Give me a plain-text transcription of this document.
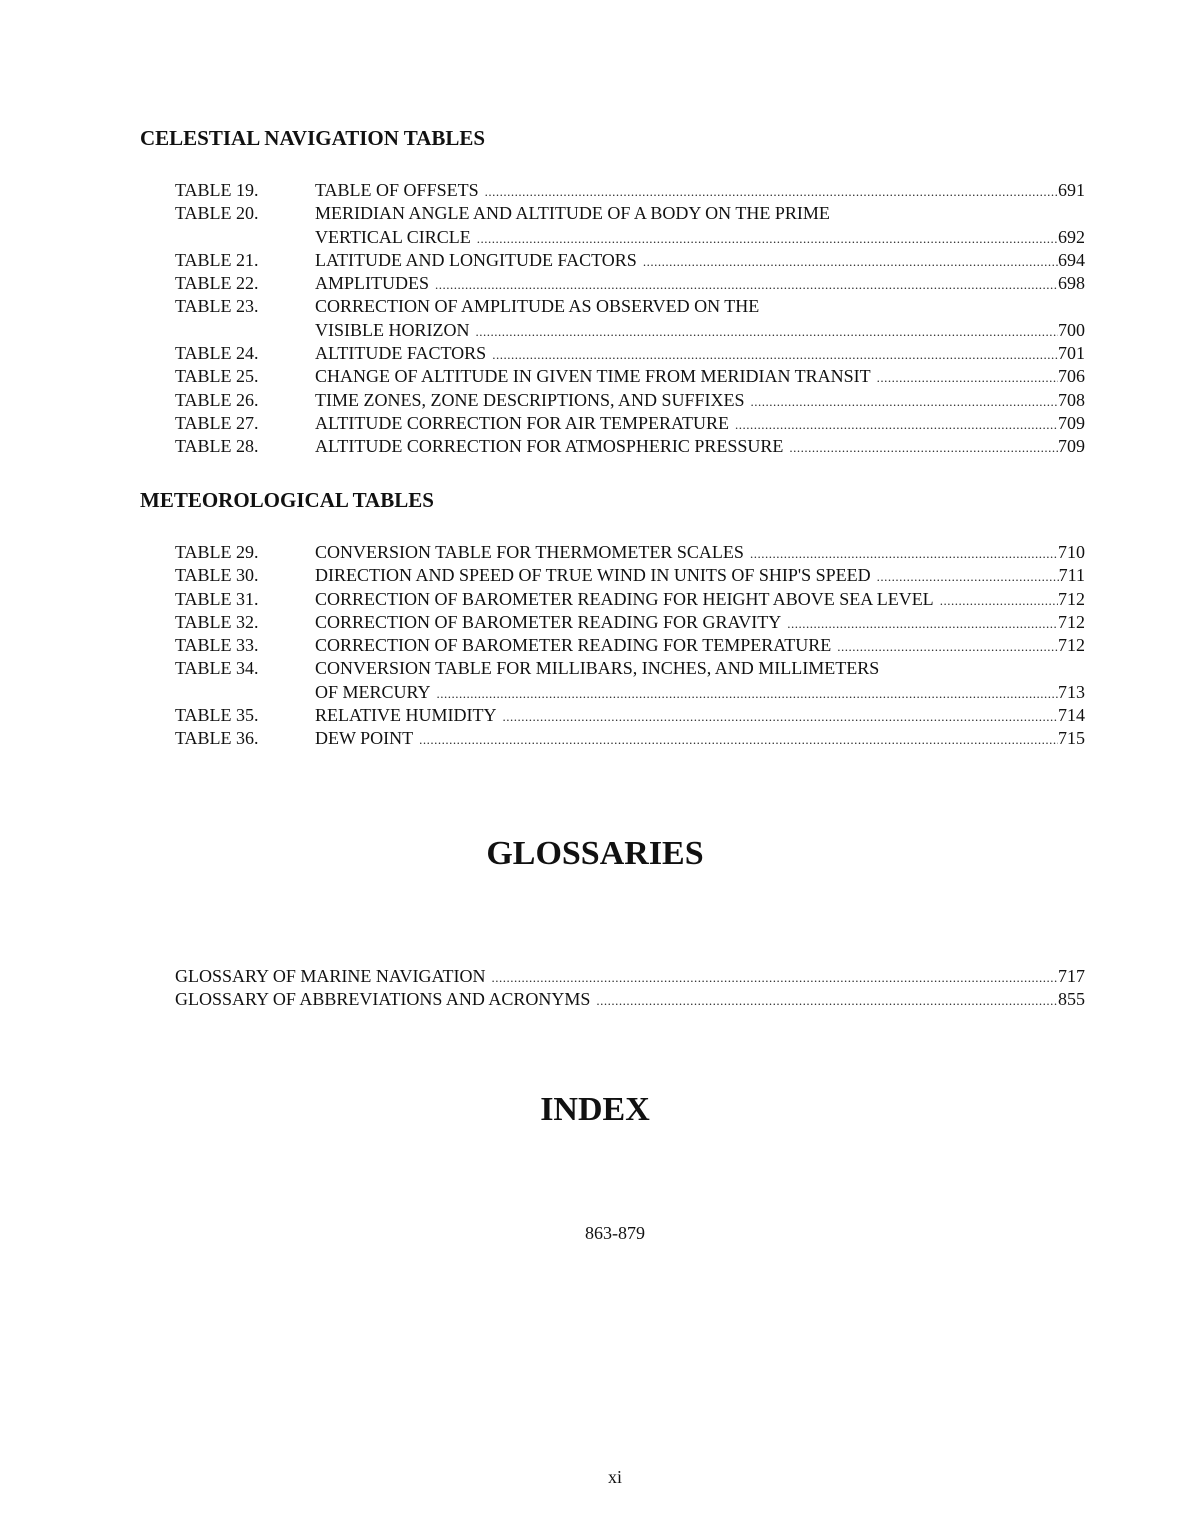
CELESTIAL NAVIGATION TABLES
TABLE 19.	TABLE OF OFFSETS .....	691
TABLE 20.	MERIDIAN ANGLE AND ALTITUDE OF A BODY ON THE PRIME
VERTICAL CIRCLE .....	692
TABLE 21.	LATITUDE AND LONGITUDE FACTORS .....	694
TABLE 22.	AMPLITUDES .....	698
TABLE 23.	CORRECTION OF AMPLITUDE AS OBSERVED ON THE
VISIBLE HORIZON .....	700
TABLE 24.	ALTITUDE FACTORS .....	701
TABLE 25.	CHANGE OF ALTITUDE IN GIVEN TIME FROM MERIDIAN TRANSIT .....	706
TABLE 26.	TIME ZONES, ZONE DESCRIPTIONS, AND SUFFIXES .....	708
TABLE 27.	ALTITUDE CORRECTION FOR AIR TEMPERATURE .....	709
TABLE 28.	ALTITUDE CORRECTION FOR ATMOSPHERIC PRESSURE .....	709
METEOROLOGICAL TABLES
TABLE 29.	CONVERSION TABLE FOR THERMOMETER SCALES .....	710
TABLE 30.	DIRECTION AND SPEED OF TRUE WIND IN UNITS OF SHIP'S SPEED .....	711
TABLE 31.	CORRECTION OF BAROMETER READING FOR HEIGHT ABOVE SEA LEVEL .....	712
TABLE 32.	CORRECTION OF BAROMETER READING FOR GRAVITY .....	712
TABLE 33.	CORRECTION OF BAROMETER READING FOR TEMPERATURE .....	712
TABLE 34.	CONVERSION TABLE FOR MILLIBARS, INCHES, AND MILLIMETERS
OF MERCURY .....	713
TABLE 35.	RELATIVE HUMIDITY .....	714
TABLE 36.	DEW POINT .....	715
GLOSSARIES
GLOSSARY OF MARINE NAVIGATION .....	717
GLOSSARY OF ABBREVIATIONS AND ACRONYMS .....	855
INDEX
863-879
xi
